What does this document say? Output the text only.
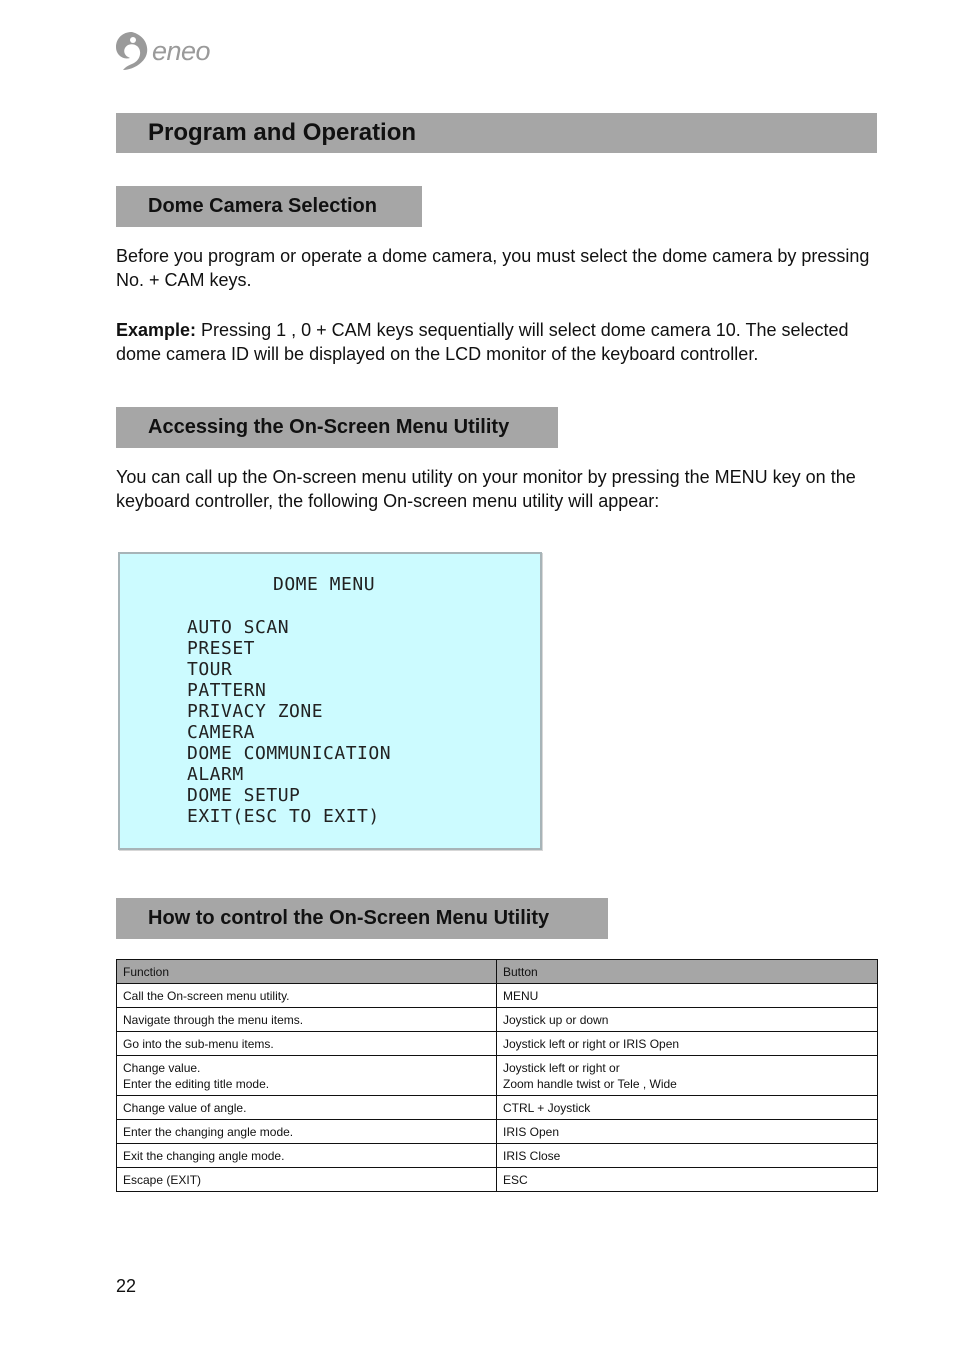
eneo
Program and Operation
Dome Camera Selection
Before you program or operate a dome camera, you must select the dome camera by pressing No. + CAM keys.
Example: Pressing 1 , 0 + CAM keys sequentially will select dome camera 10. The selected dome camera ID will be displayed on the LCD monitor of the keyboard controller.
Accessing the On-Screen Menu Utility
You can call up the On-screen menu utility on your monitor by pressing the MENU key on the keyboard controller, the following On-screen menu utility will appear:
DOME MENU
AUTO SCAN
PRESET
TOUR
PATTERN
PRIVACY ZONE
CAMERA
DOME COMMUNICATION
ALARM
DOME SETUP
EXIT(ESC TO EXIT)
How to control the On-Screen Menu Utility
Function	Button

Call the On-screen menu utility.	MENU

Navigate through the menu items.	Joystick up or down

Go into the sub-menu items.	Joystick left or right or IRIS Open

Change value.
Enter the editing title mode.	Joystick left or right or
Zoom handle twist or Tele , Wide

Change value of angle.	CTRL + Joystick

Enter the changing angle mode.	IRIS Open

Exit the changing angle mode.	IRIS Close

Escape (EXIT)	ESC
22
